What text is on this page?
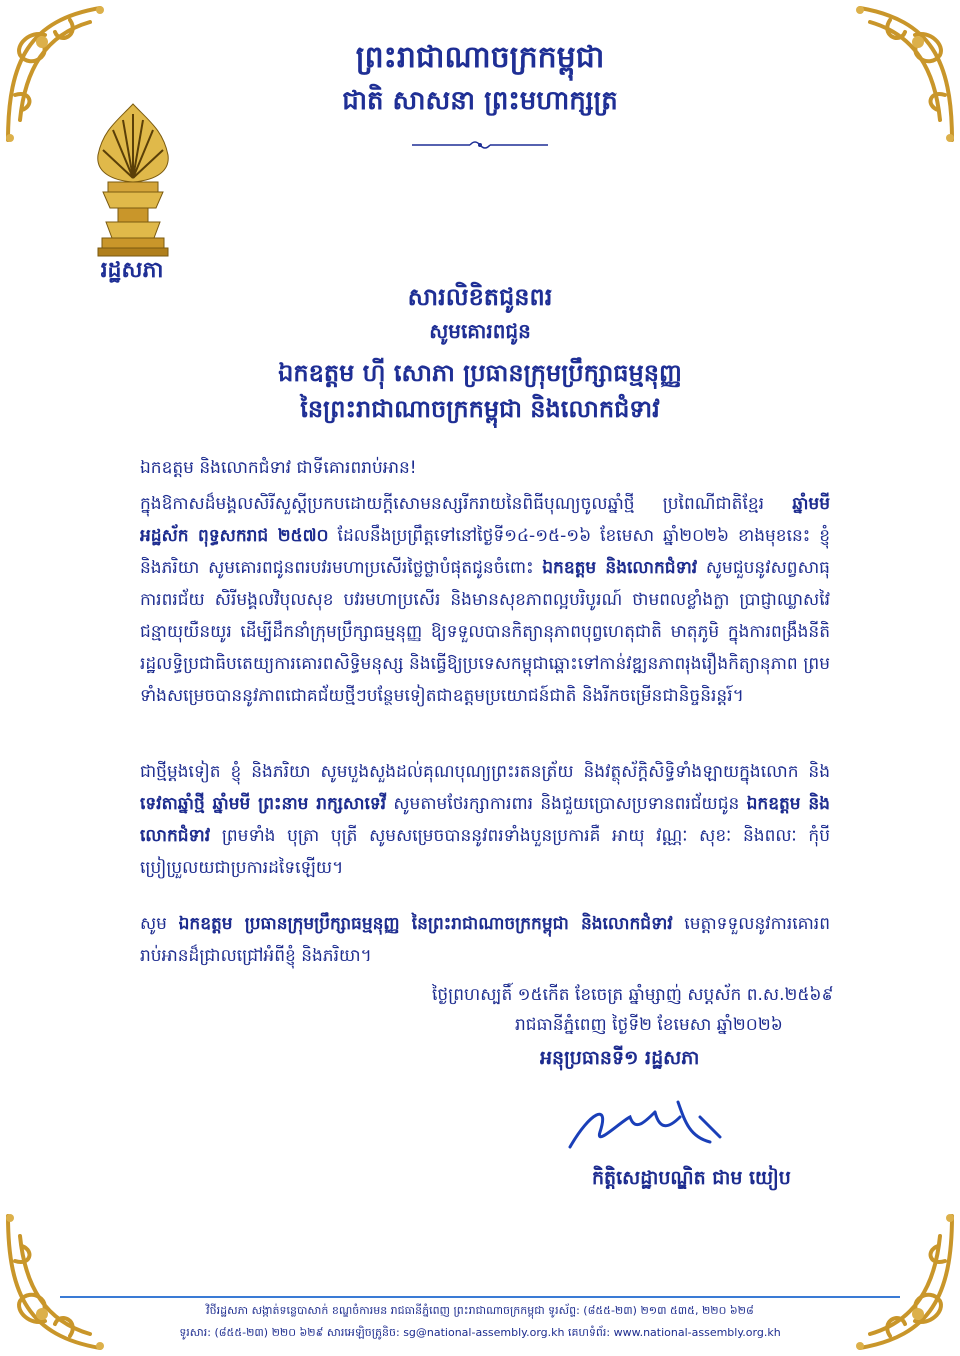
ព្រះរាជាណាចក្រកម្ពុជា
ជាតិ សាសនា ព្រះមហាក្សត្រ
រដ្ឋសភា
សារលិខិតជូនពរ
សូមគោរពជូន
ឯកឧត្តម ហ៊ី សោភា ប្រធានក្រុមប្រឹក្សាធម្មនុញ្ញ
នៃព្រះរាជាណាចក្រកម្ពុជា និងលោកជំទាវ
ឯកឧត្តម និងលោកជំទាវ ជាទីគោរពរាប់អាន!
ក្នុងឱកាសដ៏មង្គលសិរីសួស្ដីប្រកបដោយក្ដីសោមនស្សរីករាយនៃពិធីបុណ្យចូលឆ្នាំថ្មី ប្រពៃណីជាតិខ្មែរ ឆ្នាំមមី អដ្ឋស័ក ពុទ្ធសករាជ ២៥៧០ ដែលនឹងប្រព្រឹត្តទៅនៅថ្ងៃទី១៤-១៥-១៦ ខែមេសា ឆ្នាំ២០២៦ ខាងមុខនេះ ខ្ញុំ និងភរិយា សូមគោរពជូនពរបវរមហាប្រសើរថ្លៃថ្លាបំផុតជូនចំពោះ ឯកឧត្តម និងលោកជំទាវ សូមជួបនូវសព្វសាធុការពរជ័យ សិរីមង្គលវិបុលសុខ បវរមហាប្រសើរ និងមានសុខភាពល្អបរិបូរណ៍ ថាមពលខ្លាំងក្លា ប្រាជ្ញាឈ្លាសវៃ ជន្មាយុយឺនយូរ ដើម្បីដឹកនាំក្រុមប្រឹក្សាធម្មនុញ្ញ ឱ្យទទួលបានកិត្យានុភាពបុព្វហេតុជាតិ មាតុភូមិ ក្នុងការពង្រឹងនីតិរដ្ឋលទ្ធិប្រជាធិបតេយ្យការគោរពសិទ្ធិមនុស្ស និងធ្វើឱ្យប្រទេសកម្ពុជាឆ្ពោះទៅកាន់វឌ្ឍនភាពរុងរឿងកិត្យានុភាព ព្រមទាំងសម្រេចបាននូវភាពជោគជ័យថ្មីៗបន្ថែមទៀតជាឧត្តមប្រយោជន៍ជាតិ និងរីកចម្រើនជានិច្ចនិរន្តរ៍។
ជាថ្មីម្ដងទៀត ខ្ញុំ និងភរិយា សូមបួងសួងដល់គុណបុណ្យព្រះរតនត្រ័យ និងវត្ថុស័ក្តិសិទ្ធិទាំងឡាយក្នុងលោក និងទេវតាឆ្នាំថ្មី ឆ្នាំមមី ព្រះនាម រាក្សសាទេវី សូមតាមថែរក្សាការពារ និងជួយប្រោសប្រទានពរជ័យជូន ឯកឧត្តម និងលោកជំទាវ ព្រមទាំង បុត្រា បុត្រី សូមសម្រេចបាននូវពរទាំងបួនប្រការគឺ អាយុ វណ្ណៈ សុខៈ និងពលៈ កុំបីប្រៀប្រួលយជាប្រការដទៃឡើយ។
សូម ឯកឧត្តម ប្រធានក្រុមប្រឹក្សាធម្មនុញ្ញ នៃព្រះរាជាណាចក្រកម្ពុជា និងលោកជំទាវ មេត្តាទទួលនូវការគោរពរាប់អានដ៏ជ្រាលជ្រៅអំពីខ្ញុំ និងភរិយា។
ថ្ងៃព្រហស្បតិ៍ ១៥កើត ខែចេត្រ ឆ្នាំម្សាញ់ សប្តស័ក ព.ស.២៥៦៩
រាជធានីភ្នំពេញ ថ្ងៃទី២ ខែមេសា ឆ្នាំ២០២៦
អនុប្រធានទី១ រដ្ឋសភា
កិត្តិសេដ្ឋាបណ្ឌិត ជាម យៀប
វិថីរដ្ឋសភា សង្កាត់ទន្លេបាសាក់ ខណ្ឌចំការមន រាជធានីភ្នំពេញ ព្រះរាជាណាចក្រកម្ពុជា ទូរស័ព្ទ: (៨៥៥-២៣) ២១៣ ៥៣៥, ២២០ ៦២៨
ទូរសារ: (៨៥៥-២៣) ២២០ ៦២៩ សារអេឡិចត្រូនិច: sg@national-assembly.org.kh គេហទំព័រ: www.national-assembly.org.kh
